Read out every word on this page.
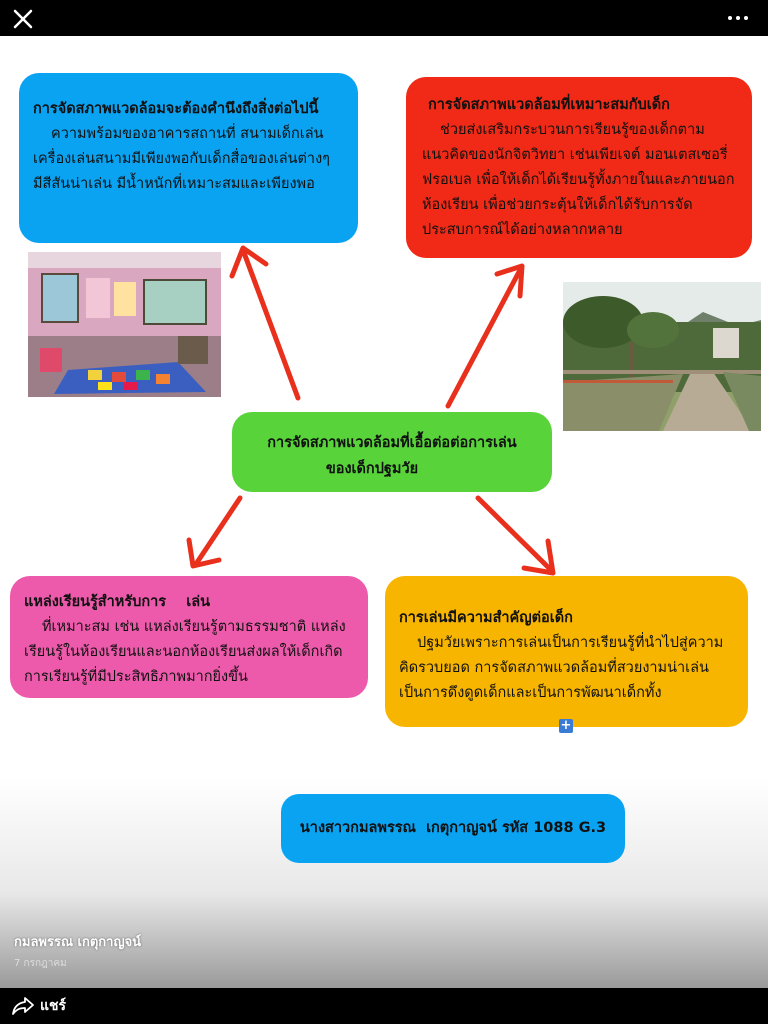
การจัดสภาพแวดล้อมจะต้องคำนึงถึงสิ่งต่อไปนี้
ความพร้อมของอาคารสถานที่ สนามเด็กเล่น เครื่องเล่นสนามมีเพียงพอกับเด็กสื่อของเล่นต่างๆ มีสีสันน่าเล่น มีน้ำหนักที่เหมาะสมและเพียงพอ
การจัดสภาพแวดล้อมที่เหมาะสมกับเด็ก
ช่วยส่งเสริมกระบวนการเรียนรู้ของเด็กตามแนวคิดของนักจิตวิทยา เช่นเพียเจต์ มอนเตสเซอรี่ ฟรอเบล เพื่อให้เด็กได้เรียนรู้ทั้งภายในและภายนอกห้องเรียน เพื่อช่วยกระตุ้นให้เด็กได้รับการจัดประสบการณ์ได้อย่างหลากหลาย
การจัดสภาพแวดล้อมที่เอื้อต่อต่อการเล่น
ของเด็กปฐมวัย
แหล่งเรียนรู้สำหรับการ    เล่น
ที่เหมาะสม เช่น แหล่งเรียนรู้ตามธรรมชาติ แหล่งเรียนรู้ในห้องเรียนและนอกห้องเรียนส่งผลให้เด็กเกิดการเรียนรู้ที่มีประสิทธิภาพมากยิ่งขึ้น
การเล่นมีความสำคัญต่อเด็ก
ปฐมวัยเพราะการเล่นเป็นการเรียนรู้ที่นำไปสู่ความคิดรวบยอด การจัดสภาพแวดล้อมที่สวยงามน่าเล่น เป็นการดึงดูดเด็กและเป็นการพัฒนาเด็กทั้ง
+
นางสาวกมลพรรณ  เกตุกาญจน์ รหัส 1088 G.3
กมลพรรณ เกตุกาญจน์
7 กรกฎาคม
แชร์
